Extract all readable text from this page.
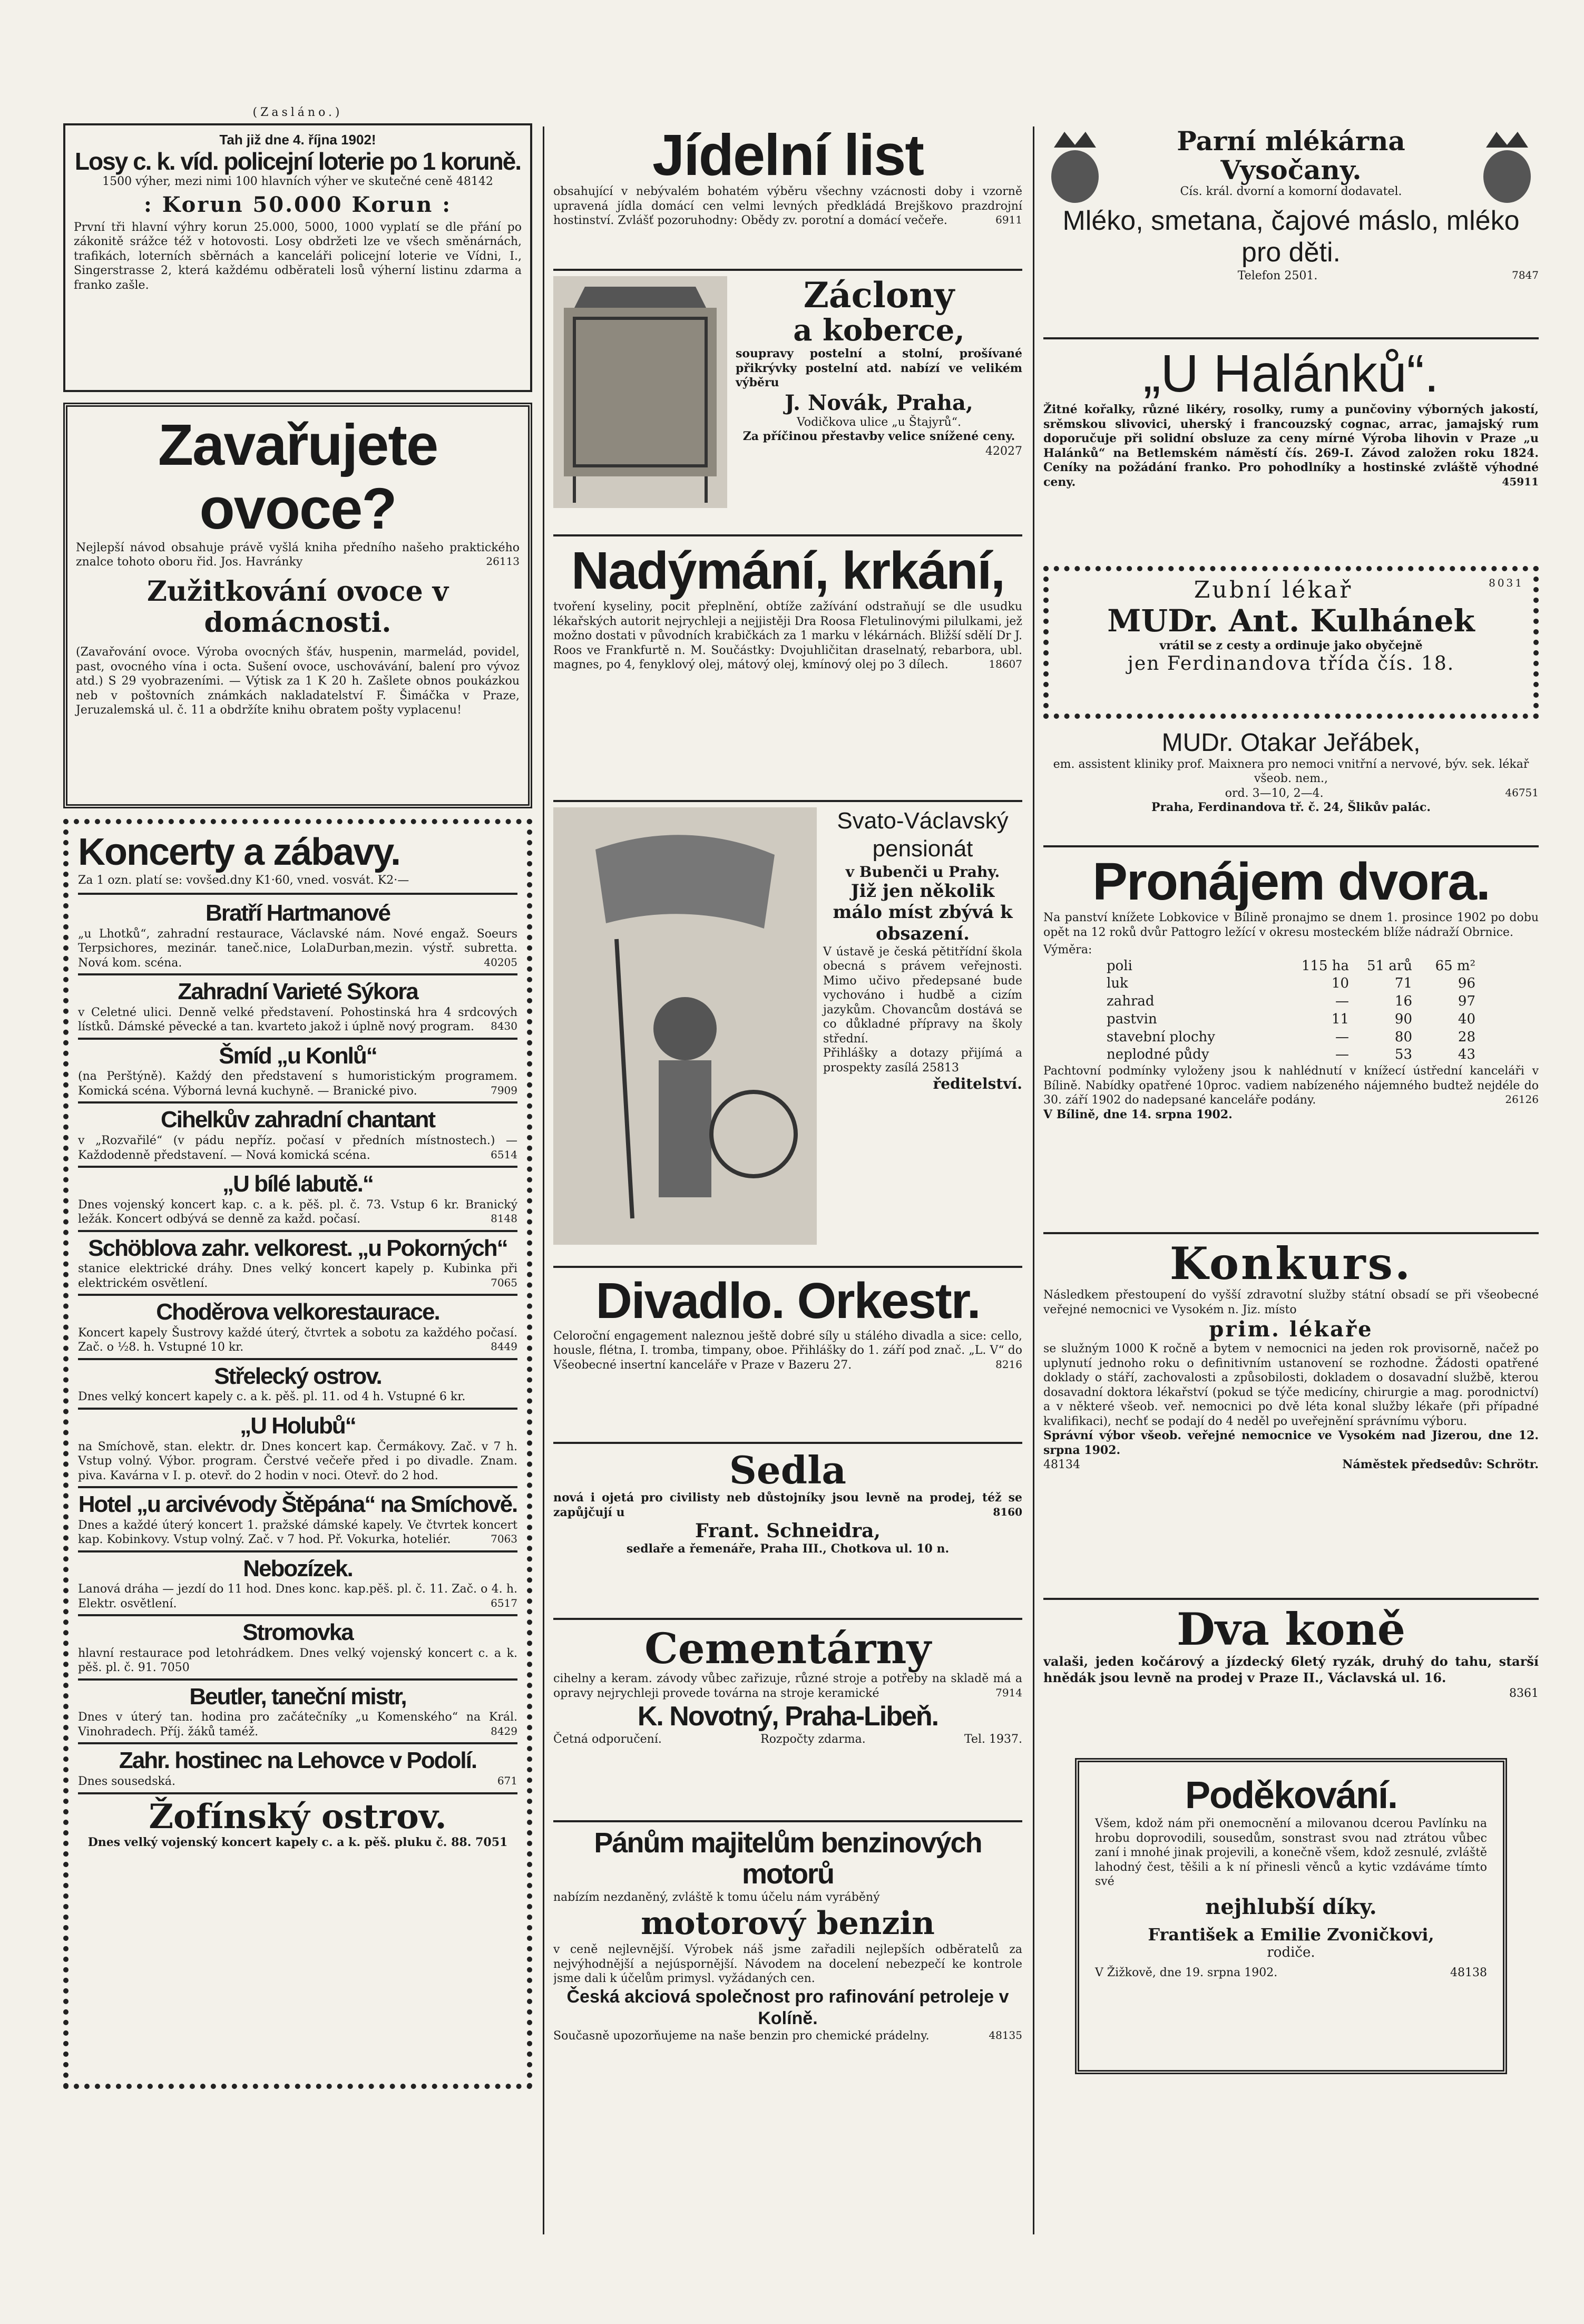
(Zasláno.)
Tah již dne 4. října 1902!
Losy c. k. víd. policejní loterie po 1 koruně.
1500 výher, mezi nimi 100 hlavních výher ve skutečné ceně 48142
: Korun 50.000 Korun :
První tři hlavní výhry korun 25.000, 5000, 1000 vyplatí se dle přání po zákonitě srážce též v hotovosti. Losy obdržeti lze ve všech směnárnách, trafikách, loterních sběrnách a kanceláři policejní loterie ve Vídni, I., Singerstrasse 2, která každému odběrateli losů výherní listinu zdarma a franko zašle.
Zavařujete ovoce?
Nejlepší návod obsahuje právě vyšlá kniha předního našeho praktického znalce tohoto oboru řid. Jos. Havránky	26113
Zužitkování ovoce v domácnosti.
(Zavařování ovoce. Výroba ovocných šťáv, huspenin, marmelád, povidel, past, ovocného vína i octa. Sušení ovoce, uschovávání, balení pro vývoz atd.) S 29 vyobrazeními. — Výtisk za 1 K 20 h. Zašlete obnos poukázkou neb v poštovních známkách nakladatelství F. Šimáčka v Praze, Jeruzalemská ul. č. 11 a obdržíte knihu obratem pošty vyplacenu!
Koncerty a zábavy.
Za 1 ozn. platí se: vovšed.dny K1·60, vned. vosvát. K2·—
Bratří Hartmanové
„u Lhotků“, zahradní restaurace, Václavské nám. Nové engaž. Soeurs Terpsichores, mezinár. taneč.nice, LolaDurban,mezin. výstř. subretta. Nová kom. scéna.	40205
Zahradní Varieté Sýkora
v Celetné ulici. Denně velké představení. Pohostinská hra 4 srdcových lístků. Dámské pěvecké a tan. kvarteto jakož i úplně nový program. 8430
Šmíd „u Konlů“
(na Perštýně). Každý den představení s humoristickým programem. Komická scéna. Výborná levná kuchyně. — Branické pivo.	7909
Cihelkův zahradní chantant
v „Rozvařilé“ (v pádu nepříz. počasí v předních místnostech.) — Každodenně představení. — Nová komická scéna.	6514
„U bílé labutě.“
Dnes vojenský koncert kap. c. a k. pěš. pl. č. 73. Vstup 6 kr. Branický ležák. Koncert odbývá se denně za každ. počasí.	8148
Schöblova zahr. velkorest. „u Pokorných“
stanice elektrické dráhy. Dnes velký koncert kapely p. Kubinka při elektrickém osvětlení.	7065
Choděrova velkorestaurace.
Koncert kapely Šustrovy každé úterý, čtvrtek a sobotu za každého počasí. Zač. o ½8. h. Vstupné 10 kr.	8449
Střelecký ostrov.
Dnes velký koncert kapely c. a k. pěš. pl. 11. od 4 h. Vstupné 6 kr.
„U Holubů“
na Smíchově, stan. elektr. dr. Dnes koncert kap. Čermákovy. Zač. v 7 h. Vstup volný. Výbor. program. Čerstvé večeře před i po divadle. Znam. piva. Kavárna v I. p. otevř. do 2 hodin v noci. Otevř. do 2 hod.
Hotel „u arcivévody Štěpána“ na Smíchově.
Dnes a každé úterý koncert 1. pražské dámské kapely. Ve čtvrtek koncert kap. Kobinkovy. Vstup volný. Zač. v 7 hod. Př. Vokurka, hoteliér.	7063
Nebozízek.
Lanová dráha — jezdí do 11 hod. Dnes konc. kap.pěš. pl. č. 11. Zač. o 4. h. Elektr. osvětlení.	6517
Stromovka
hlavní restaurace pod letohrádkem. Dnes velký vojenský koncert c. a k. pěš. pl. č. 91. 7050
Beutler, taneční mistr,
Dnes v úterý tan. hodina pro začátečníky „u Komenského“ na Král. Vinohradech. Příj. žáků taméž.	8429
Zahr. hostinec na Lehovce v Podolí.
Dnes sousedská.	671
Žofínský ostrov.
Dnes velký vojenský koncert kapely c. a k. pěš. pluku č. 88. 7051
Jídelní list
obsahující v nebývalém bohatém výběru všechny vzácnosti doby i vzorně upravená jídla domácí cen velmi levných předkládá Brejškovo prazdrojní hostinství. Zvlášť pozoruhodny: Obědy zv. porotní a domácí večeře.	6911
Záclony
a koberce,
soupravy postelní a stolní, prošívané přikrývky postelní atd. nabízí ve velikém výběru
J. Novák, Praha,
Vodičkova ulice „u Štajyrů“.
Za příčinou přestavby velice snížené ceny.
42027
Nadýmání, krkání,
tvoření kyseliny, pocit přeplnění, obtíže zažívání odstraňují se dle usudku lékařských autorit nejrychleji a nejjistěji Dra Roosa Fletulinovými pilulkami, jež možno dostati v původních krabičkách za 1 marku v lékárnách. Bližší sdělí Dr J. Roos ve Frankfurtě n. M. Součástky: Dvojuhličitan draselnatý, rebarbora, ubl. magnes, po 4, fenyklový olej, mátový olej, kmínový olej po 3 dílech.	18607
Svato-Václavský pensionát
v Bubenči u Prahy.
Již jen několik málo míst zbývá k obsazení.
V ústavě je česká pětitřídní škola obecná s právem veřejnosti. Mimo učivo předepsané bude vychováno i hudbě a cizím jazykům. Chovancům dostává se co důkladné přípravy na školy střední.
Přihlášky a dotazy přijímá a prospekty zasílá 25813
ředitelství.
Divadlo. Orkestr.
Celoroční engagement naleznou ještě dobré síly u stálého divadla a sice: cello, housle, flétna, I. tromba, timpany, oboe. Přihlášky do 1. září pod znač. „L. V“ do Všeobecné insertní kanceláře v Praze v Bazeru 27.	8216
Sedla
nová i ojetá pro civilisty neb důstojníky jsou levně na prodej, též se zapůjčují u	8160
Frant. Schneidra,
sedlaře a řemenáře, Praha III., Chotkova ul. 10 n.
Cementárny
cihelny a keram. závody vůbec zařizuje, různé stroje a potřeby na skladě má a opravy nejrychleji provede továrna na stroje keramické	7914
K. Novotný, Praha-Libeň.
Četná odporučení.	Rozpočty zdarma.	Tel. 1937.
Pánům majitelům benzinových motorů
nabízím nezdaněný, zvláště k tomu účelu nám vyráběný
motorový benzin
v ceně nejlevnější. Výrobek náš jsme zařadili nejlepších odběratelů za nejvýhodnější a nejúspornější. Návodem na docelení nebezpečí ke kontrole jsme dali k účelům primysl. vyžádaných cen.
Česká akciová společnost pro rafinování petroleje v Kolíně.
Současně upozorňujeme na naše benzin pro chemické prádelny.	48135
Parní mlékárna
Vysočany.
Cís. král. dvorní a komorní dodavatel.
Mléko, smetana, čajové máslo, mléko pro děti.
Telefon 2501.	7847
„U Halánků“.
Žitné kořalky, různé likéry, rosolky, rumy a punčoviny výborných jakostí, srěmskou slivovici, uherský i francouzský cognac, arrac, jamajský rum doporučuje při solidní obsluze za ceny mírné Výroba lihovin v Praze „u Halánků“ na Betlemském náměstí čís. 269-I. Závod založen roku 1824. Ceníky na požádání franko. Pro pohodlníky a hostinské zvláště výhodné ceny.	45911
Zubní lékař	8031
MUDr. Ant. Kulhánek
vrátil se z cesty a ordinuje jako obyčejně
jen Ferdinandova třída čís. 18.
MUDr. Otakar Jeřábek,
em. assistent kliniky prof. Maixnera pro nemoci vnitřní a nervové, býv. sek. lékař všeob. nem.,
ord. 3—10, 2—4.	46751
Praha, Ferdinandova tř. č. 24, Šlikův palác.
Pronájem dvora.
Na panství knížete Lobkovice v Bílině pronajmo se dnem 1. prosince 1902 po dobu opět na 12 roků dvůr Pattogro ležící v okresu mosteckém blíže nádraží Obrnice.
Výměra:
poli	115 ha	51 arů	65 m²
luk	10	71	96
zahrad	—	16	97
pastvin	11	90	40
stavební plochy	—	80	28
neplodné půdy	—	53	43
Pachtovní podmínky vyloženy jsou k nahlédnutí v knížecí ústřední kanceláři v Bílině. Nabídky opatřené 10proc. vadiem nabízeného nájemného budtež nejdéle do 30. září 1902 do nadepsané kanceláře podány.	26126
V Bílině, dne 14. srpna 1902.
Konkurs.
Následkem přestoupení do vyšší zdravotní služby státní obsadí se při všeobecné veřejné nemocnici ve Vysokém n. Jiz. místo
prim. lékaře
se služným 1000 K ročně a bytem v nemocnici na jeden rok provisorně, načež po uplynutí jednoho roku o definitivním ustanovení se rozhodne. Žádosti opatřené doklady o stáří, zachovalosti a způsobilosti, dokladem o dosavadní službě, kterou dosavadní doktora lékařství (pokud se týče medicíny, chirurgie a mag. porodnictví) a v některé všeob. veř. nemocnici po dvě léta konal služby lékaře (při případné kvalifikaci), nechť se podají do 4 neděl po uveřejnění správnímu výboru.
Správní výbor všeob. veřejné nemocnice ve Vysokém nad Jizerou, dne 12. srpna 1902.
48134	Náměstek předsedův: Schrötr.
Dva koně
valaši, jeden kočárový a jízdecký 6letý ryzák, druhý do tahu, starší hnědák jsou levně na prodej v Praze II., Václavská ul. 16.
8361
Poděkování.
Všem, kdož nám při onemocnění a milovanou dcerou Pavlínku na hrobu doprovodili, sousedům, sonstrast svou nad ztrátou vůbec zaní i mnohé jinak projevili, a konečně všem, kdož zesnulé, zvláště lahodný čest, těšili a k ní přinesli věnců a kytic vzdáváme tímto své
nejhlubší díky.
František a Emilie Zvoničkovi,
rodiče.
V Žižkově, dne 19. srpna 1902.	48138
